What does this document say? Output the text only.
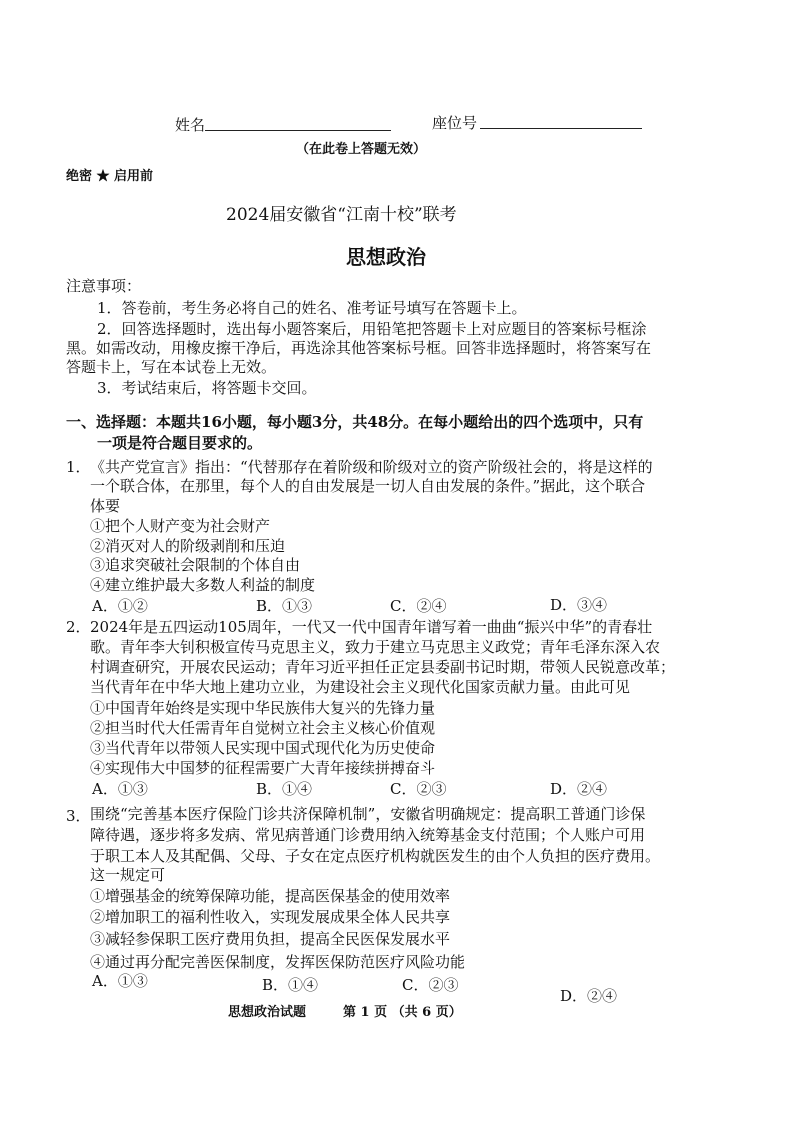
姓名	座位号
（在此卷上答题无效）
绝密 ★ 启用前
2024届安徽省“江南十校”联考
思想政治
注意事项：
1．答卷前，考生务必将自己的姓名、准考证号填写在答题卡上。
2．回答选择题时，选出每小题答案后，用铅笔把答题卡上对应题目的答案标号框涂
黑。如需改动，用橡皮擦干净后，再选涂其他答案标号框。回答非选择题时，将答案写在
答题卡上，写在本试卷上无效。
3．考试结束后，将答题卡交回。
一、选择题：本题共16小题，每小题3分，共48分。在每小题给出的四个选项中，只有
一项是符合题目要求的。
1． 《共产党宣言》指出：“代替那存在着阶级和阶级对立的资产阶级社会的，将是这样的
一个联合体，在那里，每个人的自由发展是一切人自由发展的条件。”据此，这个联合
体要
①把个人财产变为社会财产
②消灭对人的阶级剥削和压迫
③追求突破社会限制的个体自由
④建立维护最大多数人利益的制度
A．①②	B．①③	C．②④	D．③④
2． 2024年是五四运动105周年，一代又一代中国青年谱写着一曲曲“振兴中华”的青春壮
歌。青年李大钊积极宣传马克思主义，致力于建立马克思主义政党；青年毛泽东深入农
村调查研究，开展农民运动；青年习近平担任正定县委副书记时期，带领人民锐意改革；
当代青年在中华大地上建功立业，为建设社会主义现代化国家贡献力量。由此可见
①中国青年始终是实现中华民族伟大复兴的先锋力量
②担当时代大任需青年自觉树立社会主义核心价值观
③当代青年以带领人民实现中国式现代化为历史使命
④实现伟大中国梦的征程需要广大青年接续拼搏奋斗
A．①③	B．①④	C．②③	D．②④
3． 围绕“完善基本医疗保险门诊共济保障机制”，安徽省明确规定：提高职工普通门诊保
障待遇，逐步将多发病、常见病普通门诊费用纳入统筹基金支付范围；个人账户可用
于职工本人及其配偶、父母、子女在定点医疗机构就医发生的由个人负担的医疗费用。
这一规定可
①增强基金的统筹保障功能，提高医保基金的使用效率
②增加职工的福利性收入，实现发展成果全体人民共享
③减轻参保职工医疗费用负担，提高全民医保发展水平
④通过再分配完善医保制度，发挥医保防范医疗风险功能
A．①③	B．①④	C．②③
D．②④
思想政治试题	第 1 页 （共 6 页）
